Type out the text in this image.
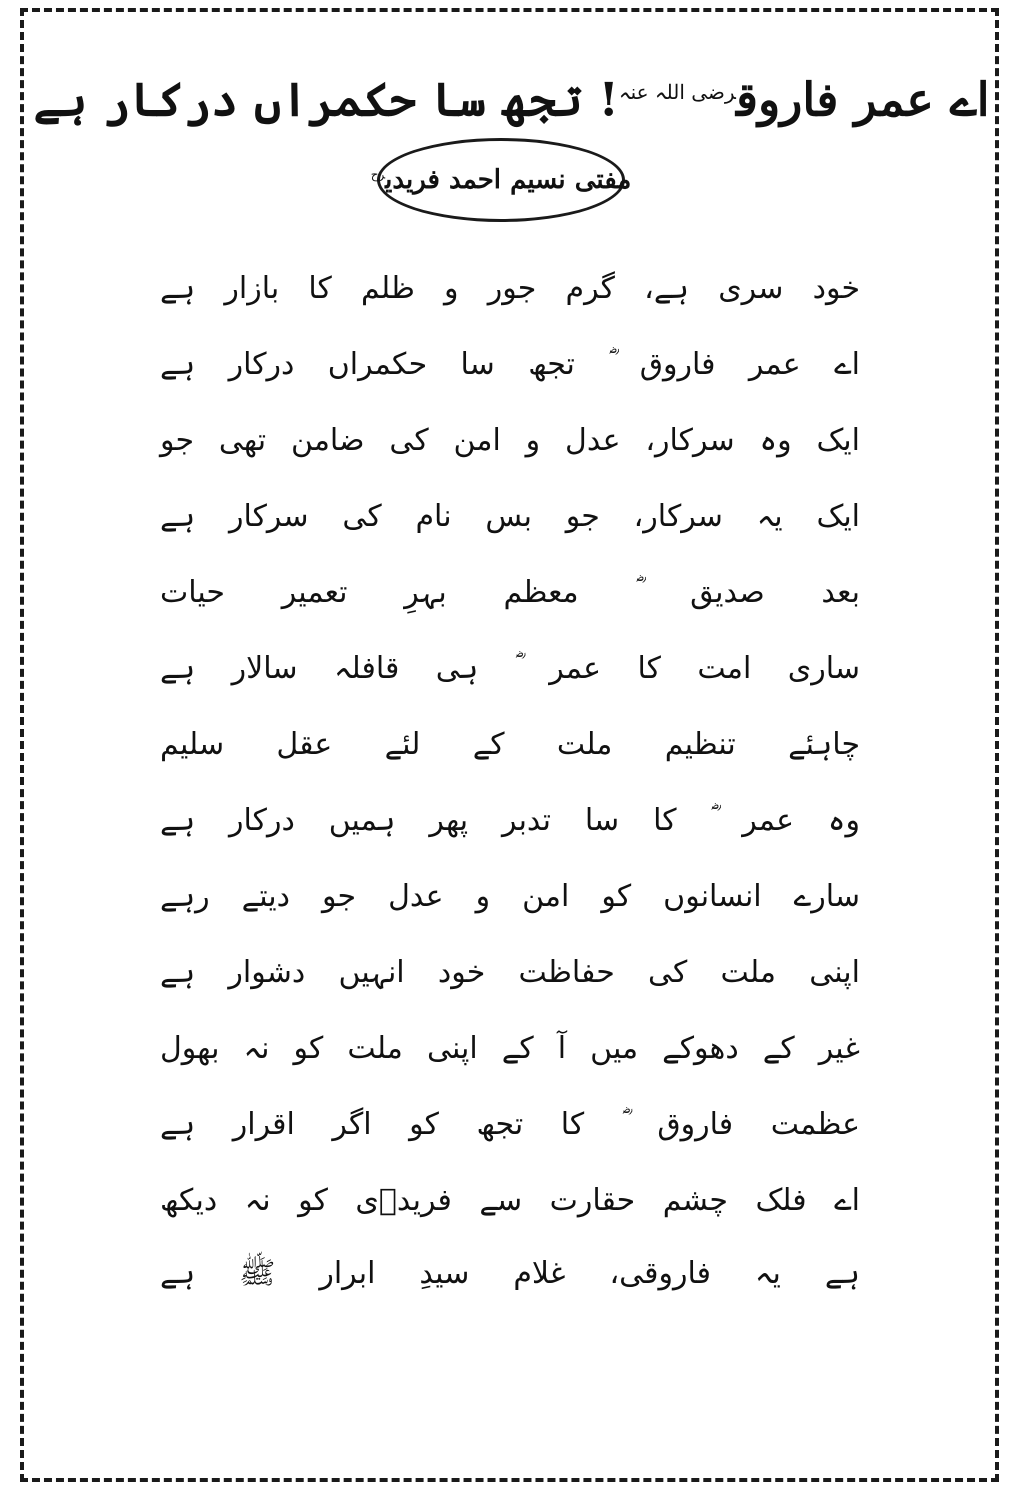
اے عمر فاروق$^{رضی اللہ عنہ}$! تجھ سا حکمراں درکار ہے
مفتی نسیم احمد فریدی$^{رح}$
خود سری ہے، گرم جور و ظلم کا بازار ہے
اے عمر فاروق ؓ تجھ سا حکمراں درکار ہے
ایک وہ سرکار، عدل و امن کی ضامن تھی جو
ایک یہ سرکار، جو بس نام کی سرکار ہے
بعد صدیق ؓ معظم بہرِ تعمیر حیات
ساری امت کا عمر ؓ ہی قافلہ سالار ہے
چاہئے تنظیم ملت کے لئے عقل سلیم
وہ عمر ؓ کا سا تدبر پھر ہمیں درکار ہے
سارے انسانوں کو امن و عدل جو دیتے رہے
اپنی ملت کی حفاظت خود انہیں دشوار ہے
غیر کے دھوکے میں آ کے اپنی ملت کو نہ بھول
عظمت فاروق ؓ کا تجھ کو اگر اقرار ہے
اے فلک چشم حقارت سے فریدؔی کو نہ دیکھ
ہے یہ فاروقی، غلام سیدِ ابرار ﷺ ہے
